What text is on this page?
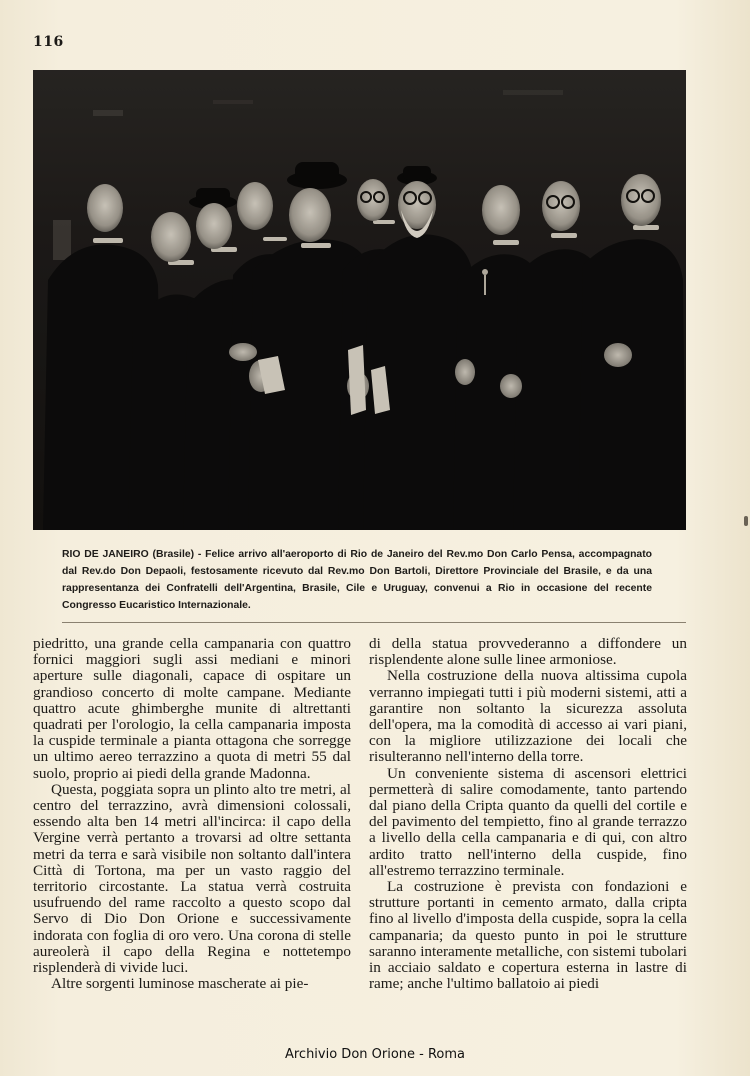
116
RIO DE JANEIRO (Brasile) - Felice arrivo all'aeroporto di Rio de Janeiro del Rev.mo Don Carlo Pensa, accompagnato dal Rev.do Don Depaoli, festosamente ricevuto dal Rev.mo Don Bartoli, Direttore Provinciale del Brasile, e da una rappresentanza dei Confratelli dell'Argentina, Brasile, Cile e Uruguay, convenui a Rio in occasione del recente Congresso Eucaristico Internazionale.

piedritto, una grande cella campanaria con quattro fornici maggiori sugli assi mediani e minori aperture sulle diagonali, capace di ospitare un grandioso concerto di molte campane. Mediante quattro acute ghimberghe munite di altrettanti quadrati per l'orologio, la cella campanaria imposta la cuspide terminale a pianta ottagona che sorregge un ultimo aereo terrazzino a quota di metri 55 dal suolo, proprio ai piedi della grande Madonna.

Questa, poggiata sopra un plinto alto tre metri, al centro del terrazzino, avrà dimensioni colossali, essendo alta ben 14 metri all'incirca: il capo della Vergine verrà pertanto a trovarsi ad oltre settanta metri da terra e sarà visibile non soltanto dall'intera Città di Tortona, ma per un vasto raggio del territorio circostante. La statua verrà costruita usufruendo del rame raccolto a questo scopo dal Servo di Dio Don Orione e successivamente indorata con foglia di oro vero. Una corona di stelle aureolerà il capo della Regina e nottetempo risplenderà di vivide luci.

Altre sorgenti luminose mascherate ai pie-

di della statua provvederanno a diffondere un risplendente alone sulle linee armoniose.

Nella costruzione della nuova altissima cupola verranno impiegati tutti i più moderni sistemi, atti a garantire non soltanto la sicurezza assoluta dell'opera, ma la comodità di accesso ai vari piani, con la migliore utilizzazione dei locali che risulteranno nell'interno della torre.

Un conveniente sistema di ascensori elettrici permetterà di salire comodamente, tanto partendo dal piano della Cripta quanto da quelli del cortile e del pavimento del tempietto, fino al grande terrazzo a livello della cella campanaria e di qui, con altro ardito tratto nell'interno della cuspide, fino all'estremo terrazzino terminale.

La costruzione è prevista con fondazioni e strutture portanti in cemento armato, dalla cripta fino al livello d'imposta della cuspide, sopra la cella campanaria; da questo punto in poi le strutture saranno interamente metalliche, con sistemi tubolari in acciaio saldato e copertura esterna in lastre di rame; anche l'ultimo ballatoio ai piedi

Archivio Don Orione - Roma
